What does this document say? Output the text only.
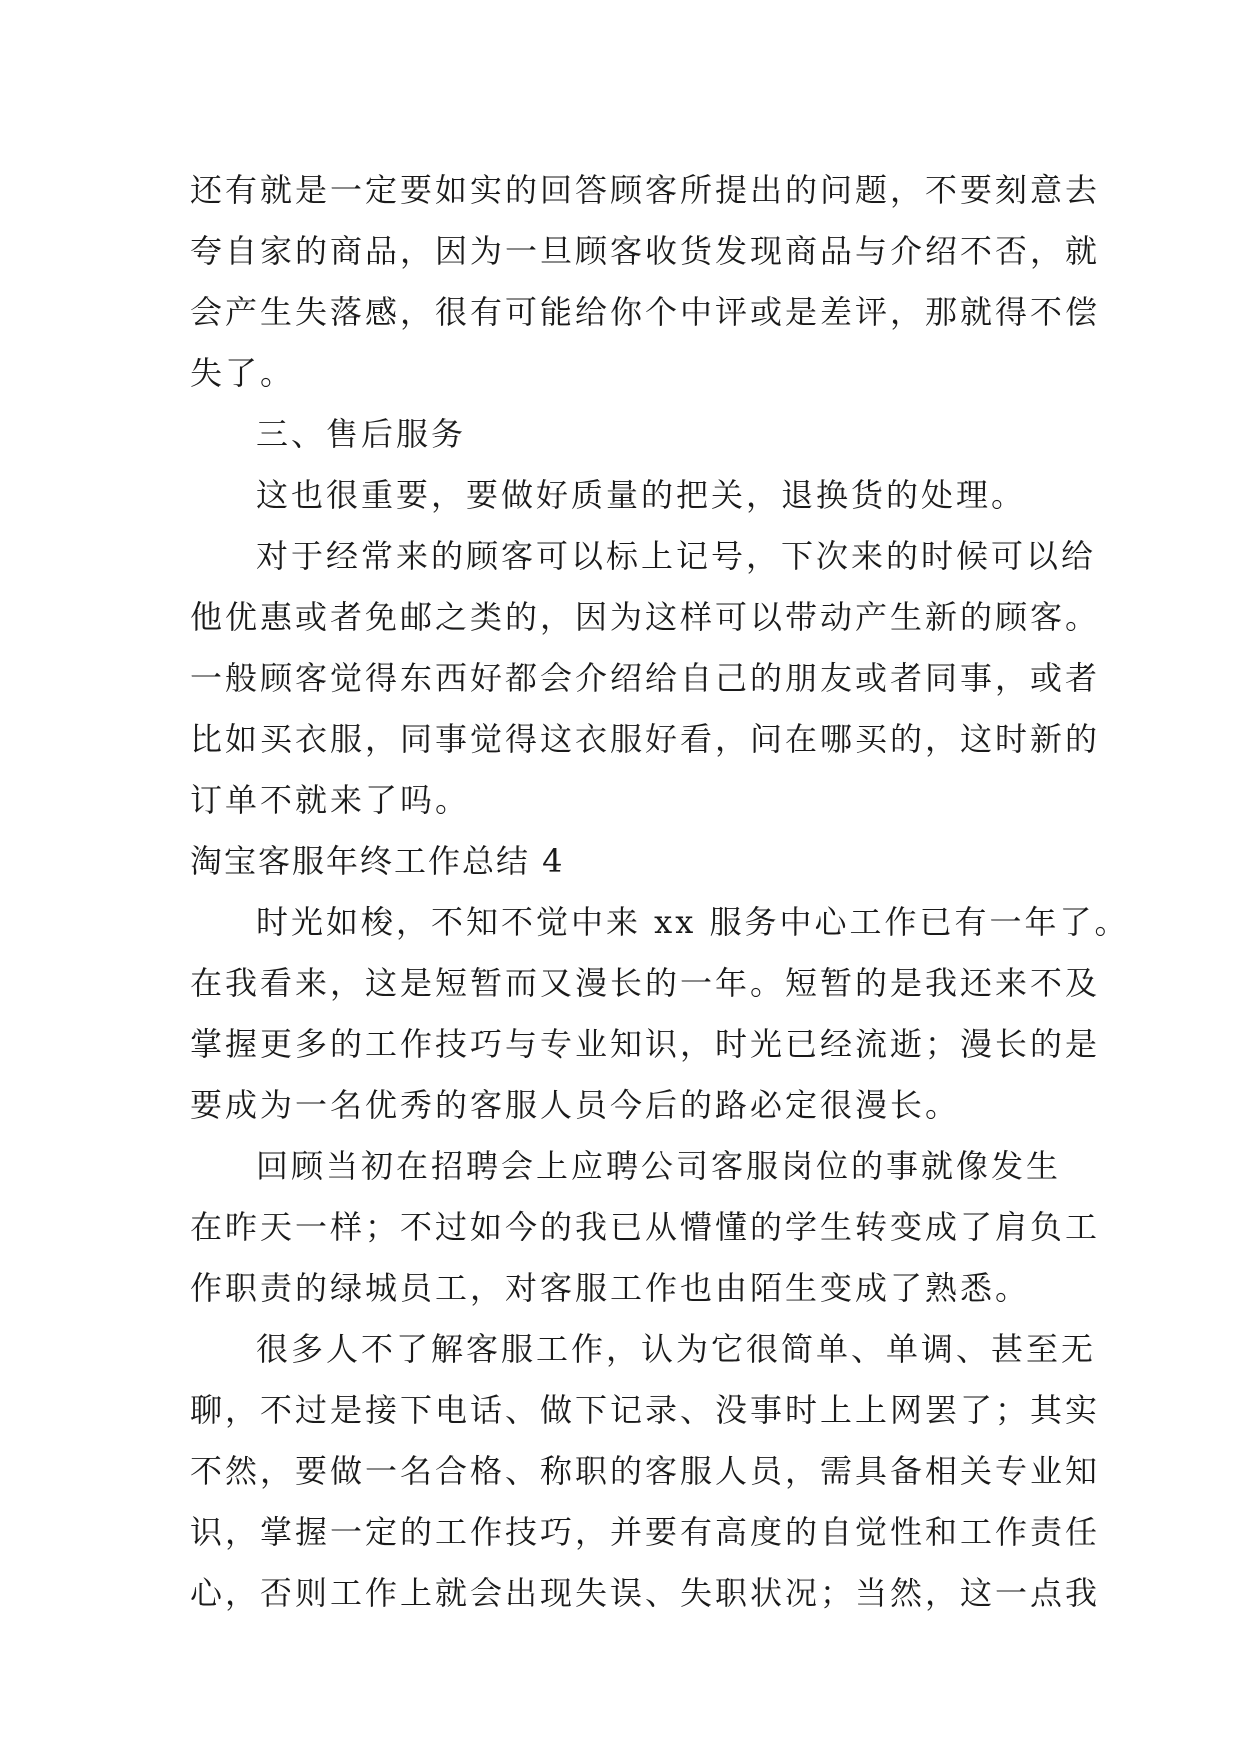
还有就是一定要如实的回答顾客所提出的问题，不要刻意去
夸自家的商品，因为一旦顾客收货发现商品与介绍不否，就
会产生失落感，很有可能给你个中评或是差评，那就得不偿
失了。
三、售后服务
这也很重要，要做好质量的把关，退换货的处理。
对于经常来的顾客可以标上记号，下次来的时候可以给
他优惠或者免邮之类的，因为这样可以带动产生新的顾客。
一般顾客觉得东西好都会介绍给自己的朋友或者同事，或者
比如买衣服，同事觉得这衣服好看，问在哪买的，这时新的
订单不就来了吗。
淘宝客服年终工作总结 4
时光如梭，不知不觉中来 xx 服务中心工作已有一年了。
在我看来，这是短暂而又漫长的一年。短暂的是我还来不及
掌握更多的工作技巧与专业知识，时光已经流逝；漫长的是
要成为一名优秀的客服人员今后的路必定很漫长。
回顾当初在招聘会上应聘公司客服岗位的事就像发生
在昨天一样；不过如今的我已从懵懂的学生转变成了肩负工
作职责的绿城员工，对客服工作也由陌生变成了熟悉。
很多人不了解客服工作，认为它很简单、单调、甚至无
聊，不过是接下电话、做下记录、没事时上上网罢了；其实
不然，要做一名合格、称职的客服人员，需具备相关专业知
识，掌握一定的工作技巧，并要有高度的自觉性和工作责任
心，否则工作上就会出现失误、失职状况；当然，这一点我
